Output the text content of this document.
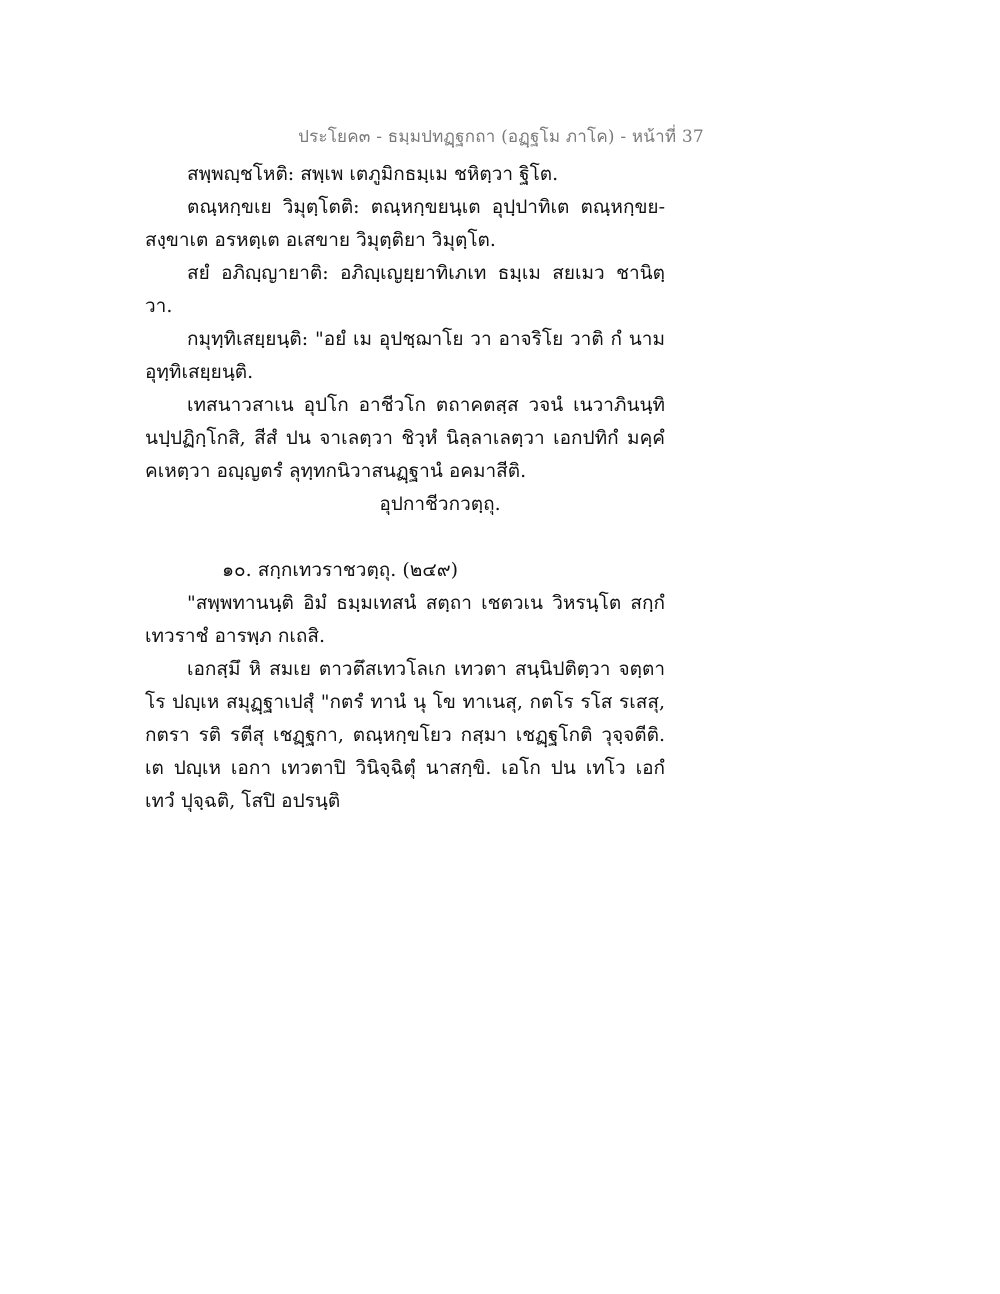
ประโยค๓ - ธมฺมปทฏฺฐกถา (อฏฺฐโม ภาโค) - หน้าที่ 37

สพฺพญฺชโหติ: สพฺเพ เตภูมิกธมฺเม ชหิตฺวา ฐิโต.

ตณฺหกฺขเย วิมุตฺโตติ: ตณฺหกฺขยนฺเต อุปฺปาทิเต ตณฺหกฺขย-สงฺขาเต อรหตฺเต อเสขาย วิมุตฺติยา วิมุตฺโต.

สยํ อภิญฺญายาติ: อภิญฺเญยฺยาทิเภเท ธมฺเม สยเมว ชานิตฺวา.

กมุทฺทิเสยฺยนฺติ: "อยํ เม อุปชฺฌาโย วา อาจริโย วาติ กํ นาม อุทฺทิเสยฺยนฺติ.

เทสนาวสาเน อุปโก อาชีวโก ตถาคตสฺส วจนํ เนวาภินนฺทิ นปฺปฏิกฺโกสิ, สีสํ ปน จาเลตฺวา ชิวฺหํ นิลฺลาเลตฺวา เอกปทิกํ มคฺคํ คเหตฺวา อญฺญตรํ ลุทฺทกนิวาสนฏฺฐานํ อคมาสีติ.

อุปกาชีวกวตฺถุ.

๑๐. สกฺกเทวราชวตฺถุ. (๒๔๙)

"สพฺพทานนฺติ อิมํ ธมฺมเทสนํ สตฺถา เชตวเน วิหรนฺโต สกฺกํ เทวราชํ อารพฺภ กเถสิ.

เอกสฺมึ หิ สมเย ตาวตึสเทวโลเก เทวตา สนฺนิปติตฺวา จตฺตาโร ปญฺเห สมุฏฺฐาเปสุํ "กตรํ ทานํ นุ โข ทาเนสุ, กตโร รโส รเสสุ, กตรา รติ รตีสุ เชฏฺฐกา, ตณฺหกฺขโยว กสฺมา เชฏฺฐโกติ วุจฺจตีติ. เต ปญฺเห เอกา เทวตาปิ วินิจฺฉิตุํ นาสกฺขิ. เอโก ปน เทโว เอกํ เทวํ ปุจฺฉติ, โสปิ อปรนฺติ
